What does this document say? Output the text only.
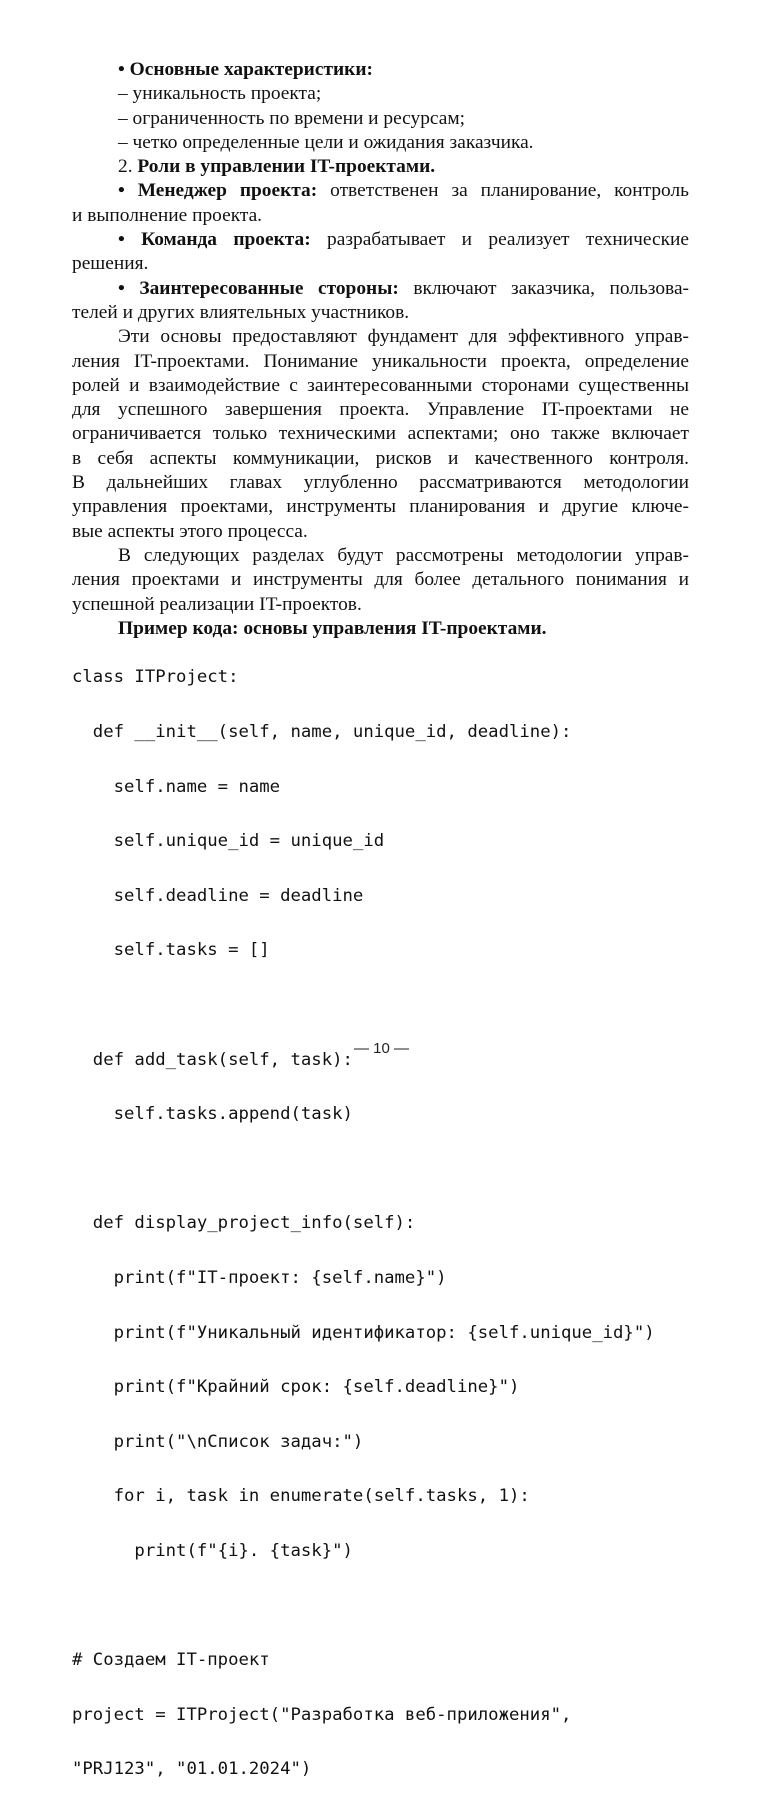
• Основные характеристики:
– уникальность проекта;
– ограниченность по времени и ресурсам;
– четко определенные цели и ожидания заказчика.
2. Роли в управлении IT-проектами.
• Менеджер проекта: ответственен за планирование, контроль
и выполнение проекта.
• Команда проекта: разрабатывает и реализует технические
решения.
• Заинтересованные стороны: включают заказчика, пользова-
телей и других влиятельных участников.
Эти основы предоставляют фундамент для эффективного управ-
ления IT-проектами. Понимание уникальности проекта, определение
ролей и взаимодействие с заинтересованными сторонами существенны
для успешного завершения проекта. Управление IT-проектами не
ограничивается только техническими аспектами; оно также включает
в себя аспекты коммуникации, рисков и качественного контроля.
В дальнейших главах углубленно рассматриваются методологии
управления проектами, инструменты планирования и другие ключе-
вые аспекты этого процесса.
В следующих разделах будут рассмотрены методологии управ-
ления проектами и инструменты для более детального понимания и
успешной реализации IT-проектов.
Пример кода: основы управления IT-проектами.

class ITProject:

def __init__(self, name, unique_id, deadline):

self.name = name

self.unique_id = unique_id

self.deadline = deadline

self.tasks = []

def add_task(self, task):

self.tasks.append(task)

def display_project_info(self):

print(f"IT-проект: {self.name}")

print(f"Уникальный идентификатор: {self.unique_id}")

print(f"Крайний срок: {self.deadline}")

print("\nСписок задач:")

for i, task in enumerate(self.tasks, 1):

print(f"{i}. {task}")

# Создаем IT-проект

project = ITProject("Разработка веб-приложения",

"PRJ123", "01.01.2024")

— 10 —
